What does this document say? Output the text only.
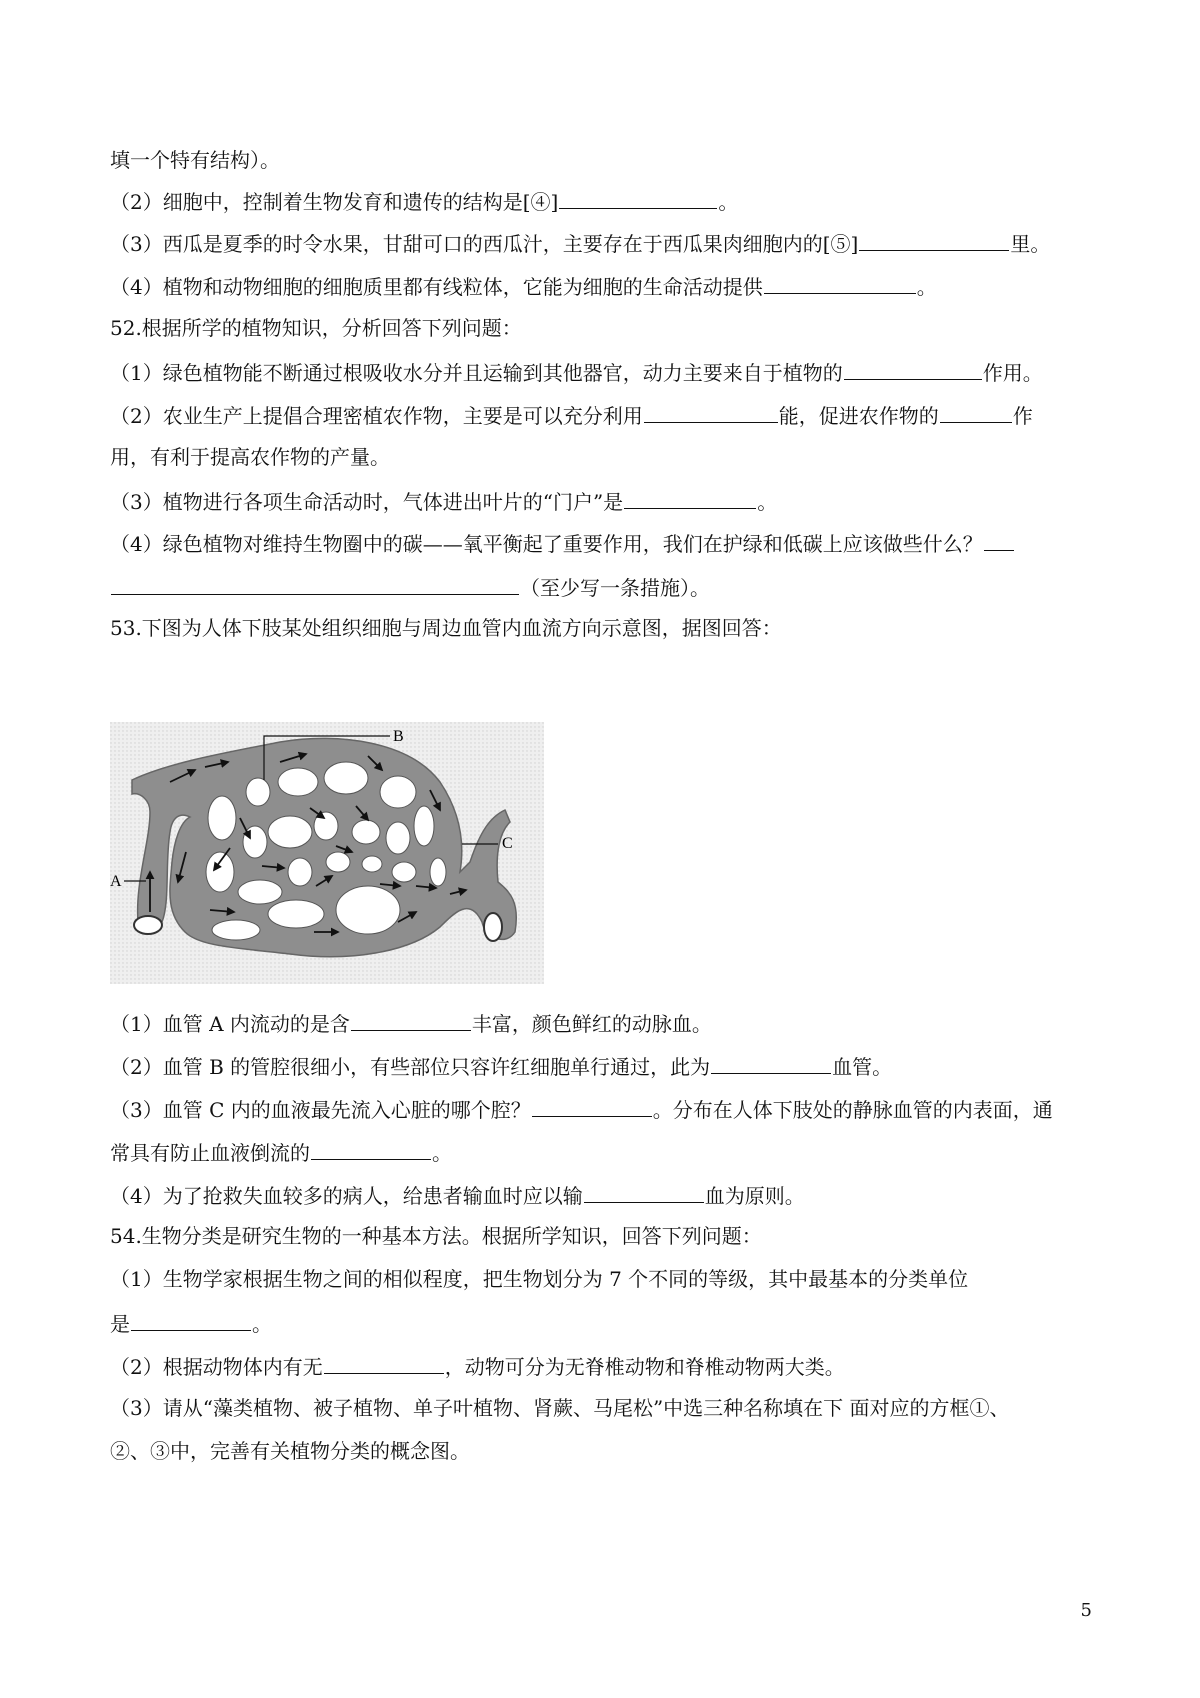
填一个特有结构）。
（2）细胞中，控制着生物发育和遗传的结构是[④]	。
（3）西瓜是夏季的时令水果，甘甜可口的西瓜汁，主要存在于西瓜果肉细胞内的[⑤]	里。
（4）植物和动物细胞的细胞质里都有线粒体，它能为细胞的生命活动提供	。
52.根据所学的植物知识，分析回答下列问题：
（1）绿色植物能不断通过根吸收水分并且运输到其他器官，动力主要来自于植物的	作用。
（2）农业生产上提倡合理密植农作物，主要是可以充分利用	能，促进农作物的	作
用，有利于提高农作物的产量。
（3）植物进行各项生命活动时，气体进出叶片的“门户”是	。
（4）绿色植物对维持生物圈中的碳——氧平衡起了重要作用，我们在护绿和低碳上应该做些什么？
（至少写一条措施）。
53.下图为人体下肢某处组织细胞与周边血管内血流方向示意图，据图回答：
B
C
A
（1）血管 A 内流动的是含	丰富，颜色鲜红的动脉血。
（2）血管 B 的管腔很细小，有些部位只容许红细胞单行通过，此为	血管。
（3）血管 C 内的血液最先流入心脏的哪个腔？	。分布在人体下肢处的静脉血管的内表面，通
常具有防止血液倒流的	。
（4）为了抢救失血较多的病人，给患者输血时应以输	血为原则。
54.生物分类是研究生物的一种基本方法。根据所学知识，回答下列问题：
（1）生物学家根据生物之间的相似程度，把生物划分为 7 个不同的等级，其中最基本的分类单位
是	。
（2）根据动物体内有无	，动物可分为无脊椎动物和脊椎动物两大类。
（3）请从“藻类植物、被子植物、单子叶植物、肾蕨、马尾松”中选三种名称填在下 面对应的方框①、
②、③中，完善有关植物分类的概念图。
5
